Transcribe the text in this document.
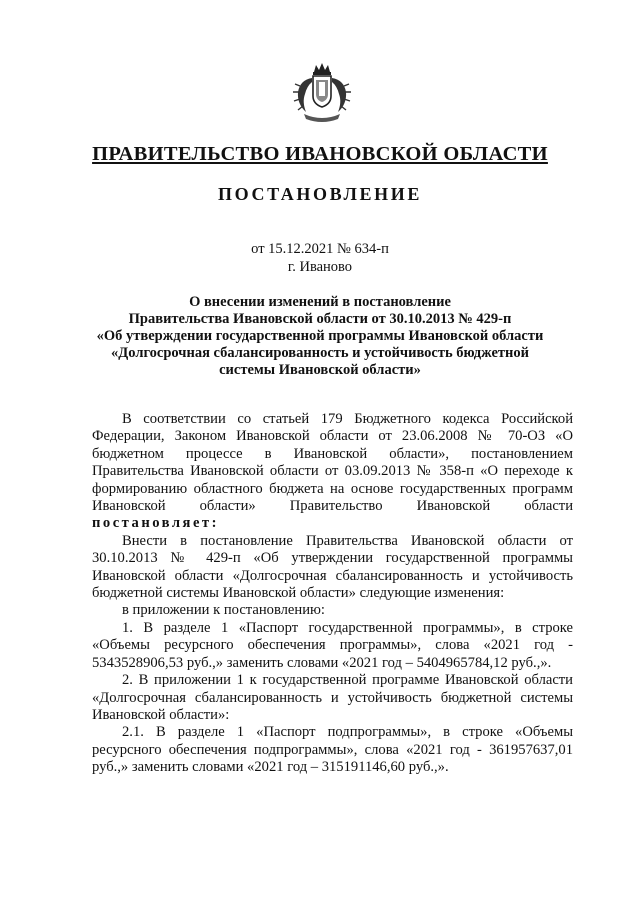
ПРАВИТЕЛЬСТВО ИВАНОВСКОЙ ОБЛАСТИ
ПОСТАНОВЛЕНИЕ
от 15.12.2021 № 634-п
г. Иваново
О внесении изменений в постановление
Правительства Ивановской области от 30.10.2013 № 429-п
«Об утверждении государственной программы Ивановской области
«Долгосрочная сбалансированность и устойчивость бюджетной
системы Ивановской области»

В соответствии со статьей 179 Бюджетного кодекса Российской Федерации, Законом Ивановской области от 23.06.2008 № 70-ОЗ «О бюджетном процессе в Ивановской области», постановлением Правительства Ивановской области от 03.09.2013 № 358-п «О переходе к формированию областного бюджета на основе государственных программ Ивановской области» Правительство Ивановской области постановляет:

Внести в постановление Правительства Ивановской области от 30.10.2013 № 429-п «Об утверждении государственной программы Ивановской области «Долгосрочная сбалансированность и устойчивость бюджетной системы Ивановской области» следующие изменения:

в приложении к постановлению:

1. В разделе 1 «Паспорт государственной программы», в строке «Объемы ресурсного обеспечения программы», слова «2021 год - 5343528906,53 руб.,» заменить словами «2021 год – 5404965784,12 руб.,».

2. В приложении 1 к государственной программе Ивановской области «Долгосрочная сбалансированность и устойчивость бюджетной системы Ивановской области»:

2.1. В разделе 1 «Паспорт подпрограммы», в строке «Объемы ресурсного обеспечения подпрограммы», слова «2021 год - 361957637,01 руб.,» заменить словами «2021 год – 315191146,60 руб.,».
